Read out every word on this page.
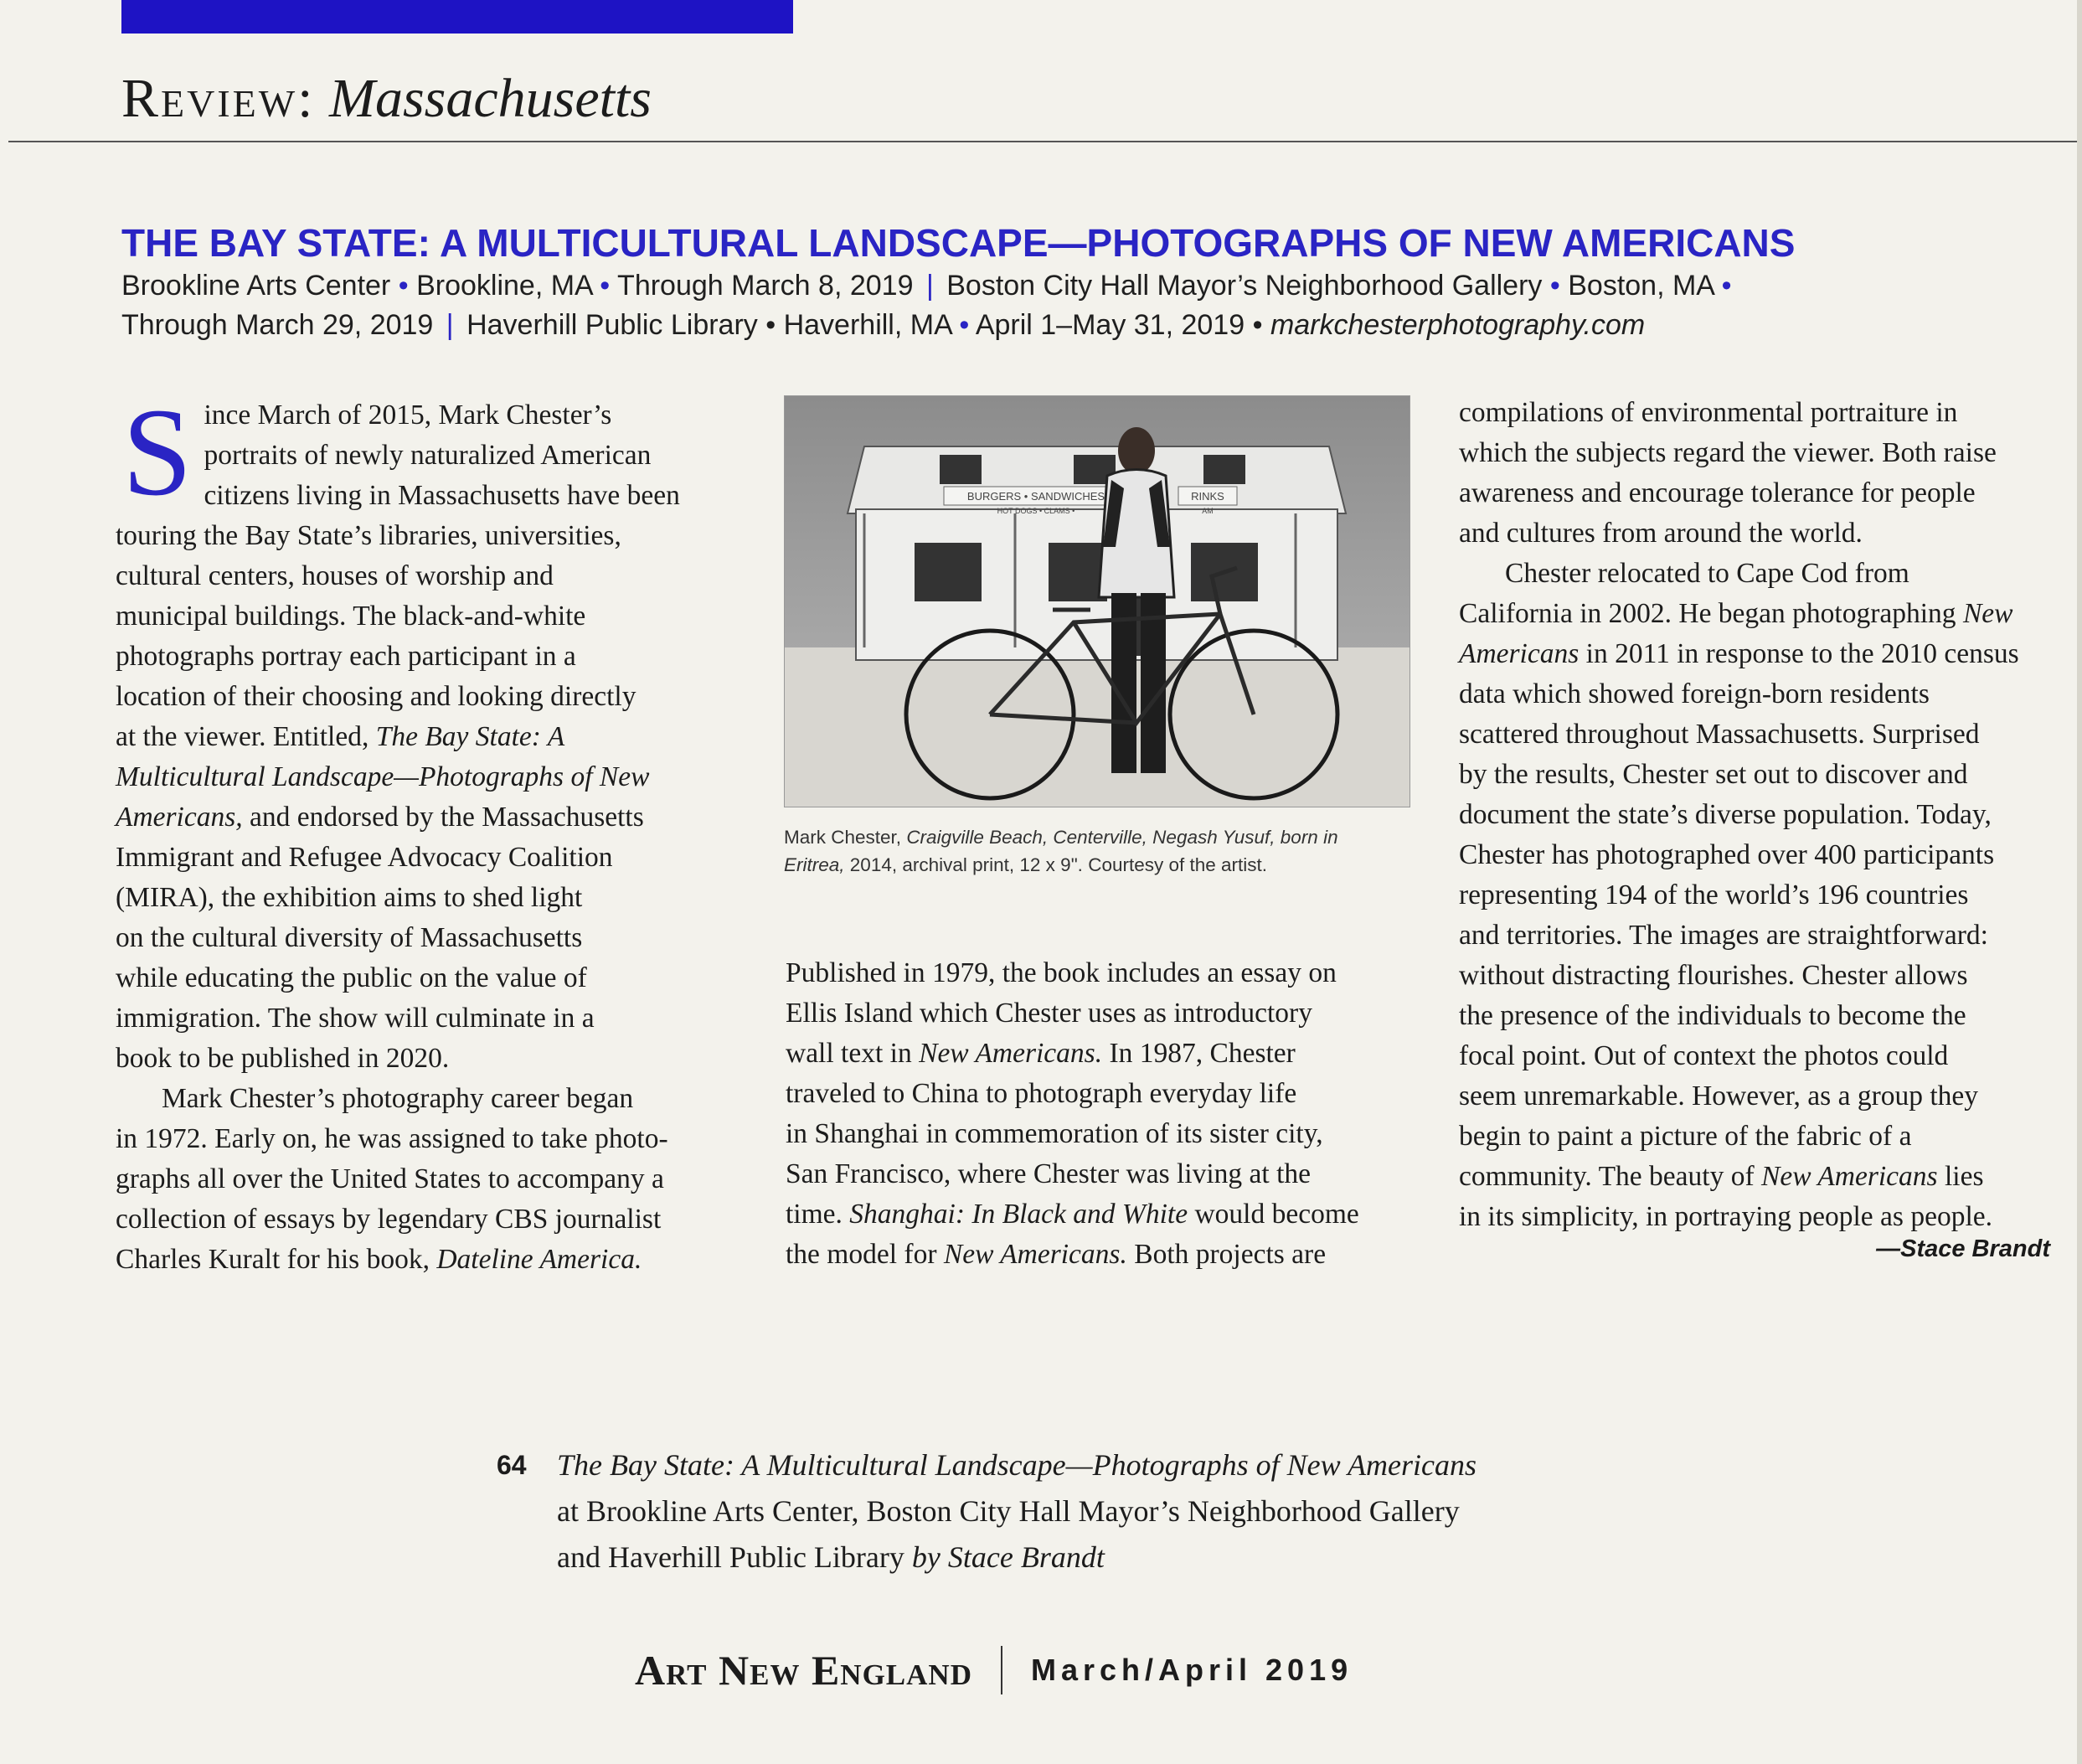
Review: Massachusetts
THE BAY STATE: A MULTICULTURAL LANDSCAPE—PHOTOGRAPHS OF NEW AMERICANS
Brookline Arts Center • Brookline, MA • Through March 8, 2019 | Boston City Hall Mayor’s Neighborhood Gallery • Boston, MA •
Through March 29, 2019 | Haverhill Public Library • Haverhill, MA • April 1–May 31, 2019 • markchesterphotography.com

S ince March of 2015, Mark Chester’s
portraits of newly naturalized American
citizens living in Massachusetts have been
touring the Bay State’s libraries, universities,
cultural centers, houses of worship and
municipal buildings. The black-and-white
photographs portray each participant in a
location of their choosing and looking directly
at the viewer. Entitled, The Bay State: A
Multicultural Landscape—Photographs of New
Americans, and endorsed by the Massachusetts
Immigrant and Refugee Advocacy Coalition
(MIRA), the exhibition aims to shed light
on the cultural diversity of Massachusetts
while educating the public on the value of
immigration. The show will culminate in a
book to be published in 2020.

Mark Chester’s photography career began
in 1972. Early on, he was assigned to take photo-
graphs all over the United States to accompany a
collection of essays by legendary CBS journalist
Charles Kuralt for his book, Dateline America.

BURGERS • SANDWICHES	RINKS
HOT DOGS • CLAMS •	AM
Mark Chester, Craigville Beach, Centerville, Negash Yusuf, born in
Eritrea, 2014, archival print, 12 x 9". Courtesy of the artist.
Published in 1979, the book includes an essay on
Ellis Island which Chester uses as introductory
wall text in New Americans. In 1987, Chester
traveled to China to photograph everyday life
in Shanghai in commemoration of its sister city,
San Francisco, where Chester was living at the
time. Shanghai: In Black and White would become
the model for New Americans. Both projects are

compilations of environmental portraiture in
which the subjects regard the viewer. Both raise
awareness and encourage tolerance for people
and cultures from around the world.

Chester relocated to Cape Cod from
California in 2002. He began photographing New
Americans in 2011 in response to the 2010 census
data which showed foreign-born residents
scattered throughout Massachusetts. Surprised
by the results, Chester set out to discover and
document the state’s diverse population. Today,
Chester has photographed over 400 participants
representing 194 of the world’s 196 countries
and territories. The images are straightforward:
without distracting flourishes. Chester allows
the presence of the individuals to become the
focal point. Out of context the photos could
seem unremarkable. However, as a group they
begin to paint a picture of the fabric of a
community. The beauty of New Americans lies
in its simplicity, in portraying people as people.

—Stace Brandt
64 The Bay State: A Multicultural Landscape—Photographs of New Americans
at Brookline Arts Center, Boston City Hall Mayor’s Neighborhood Gallery
and Haverhill Public Library by Stace Brandt
Art New England March/April 2019
